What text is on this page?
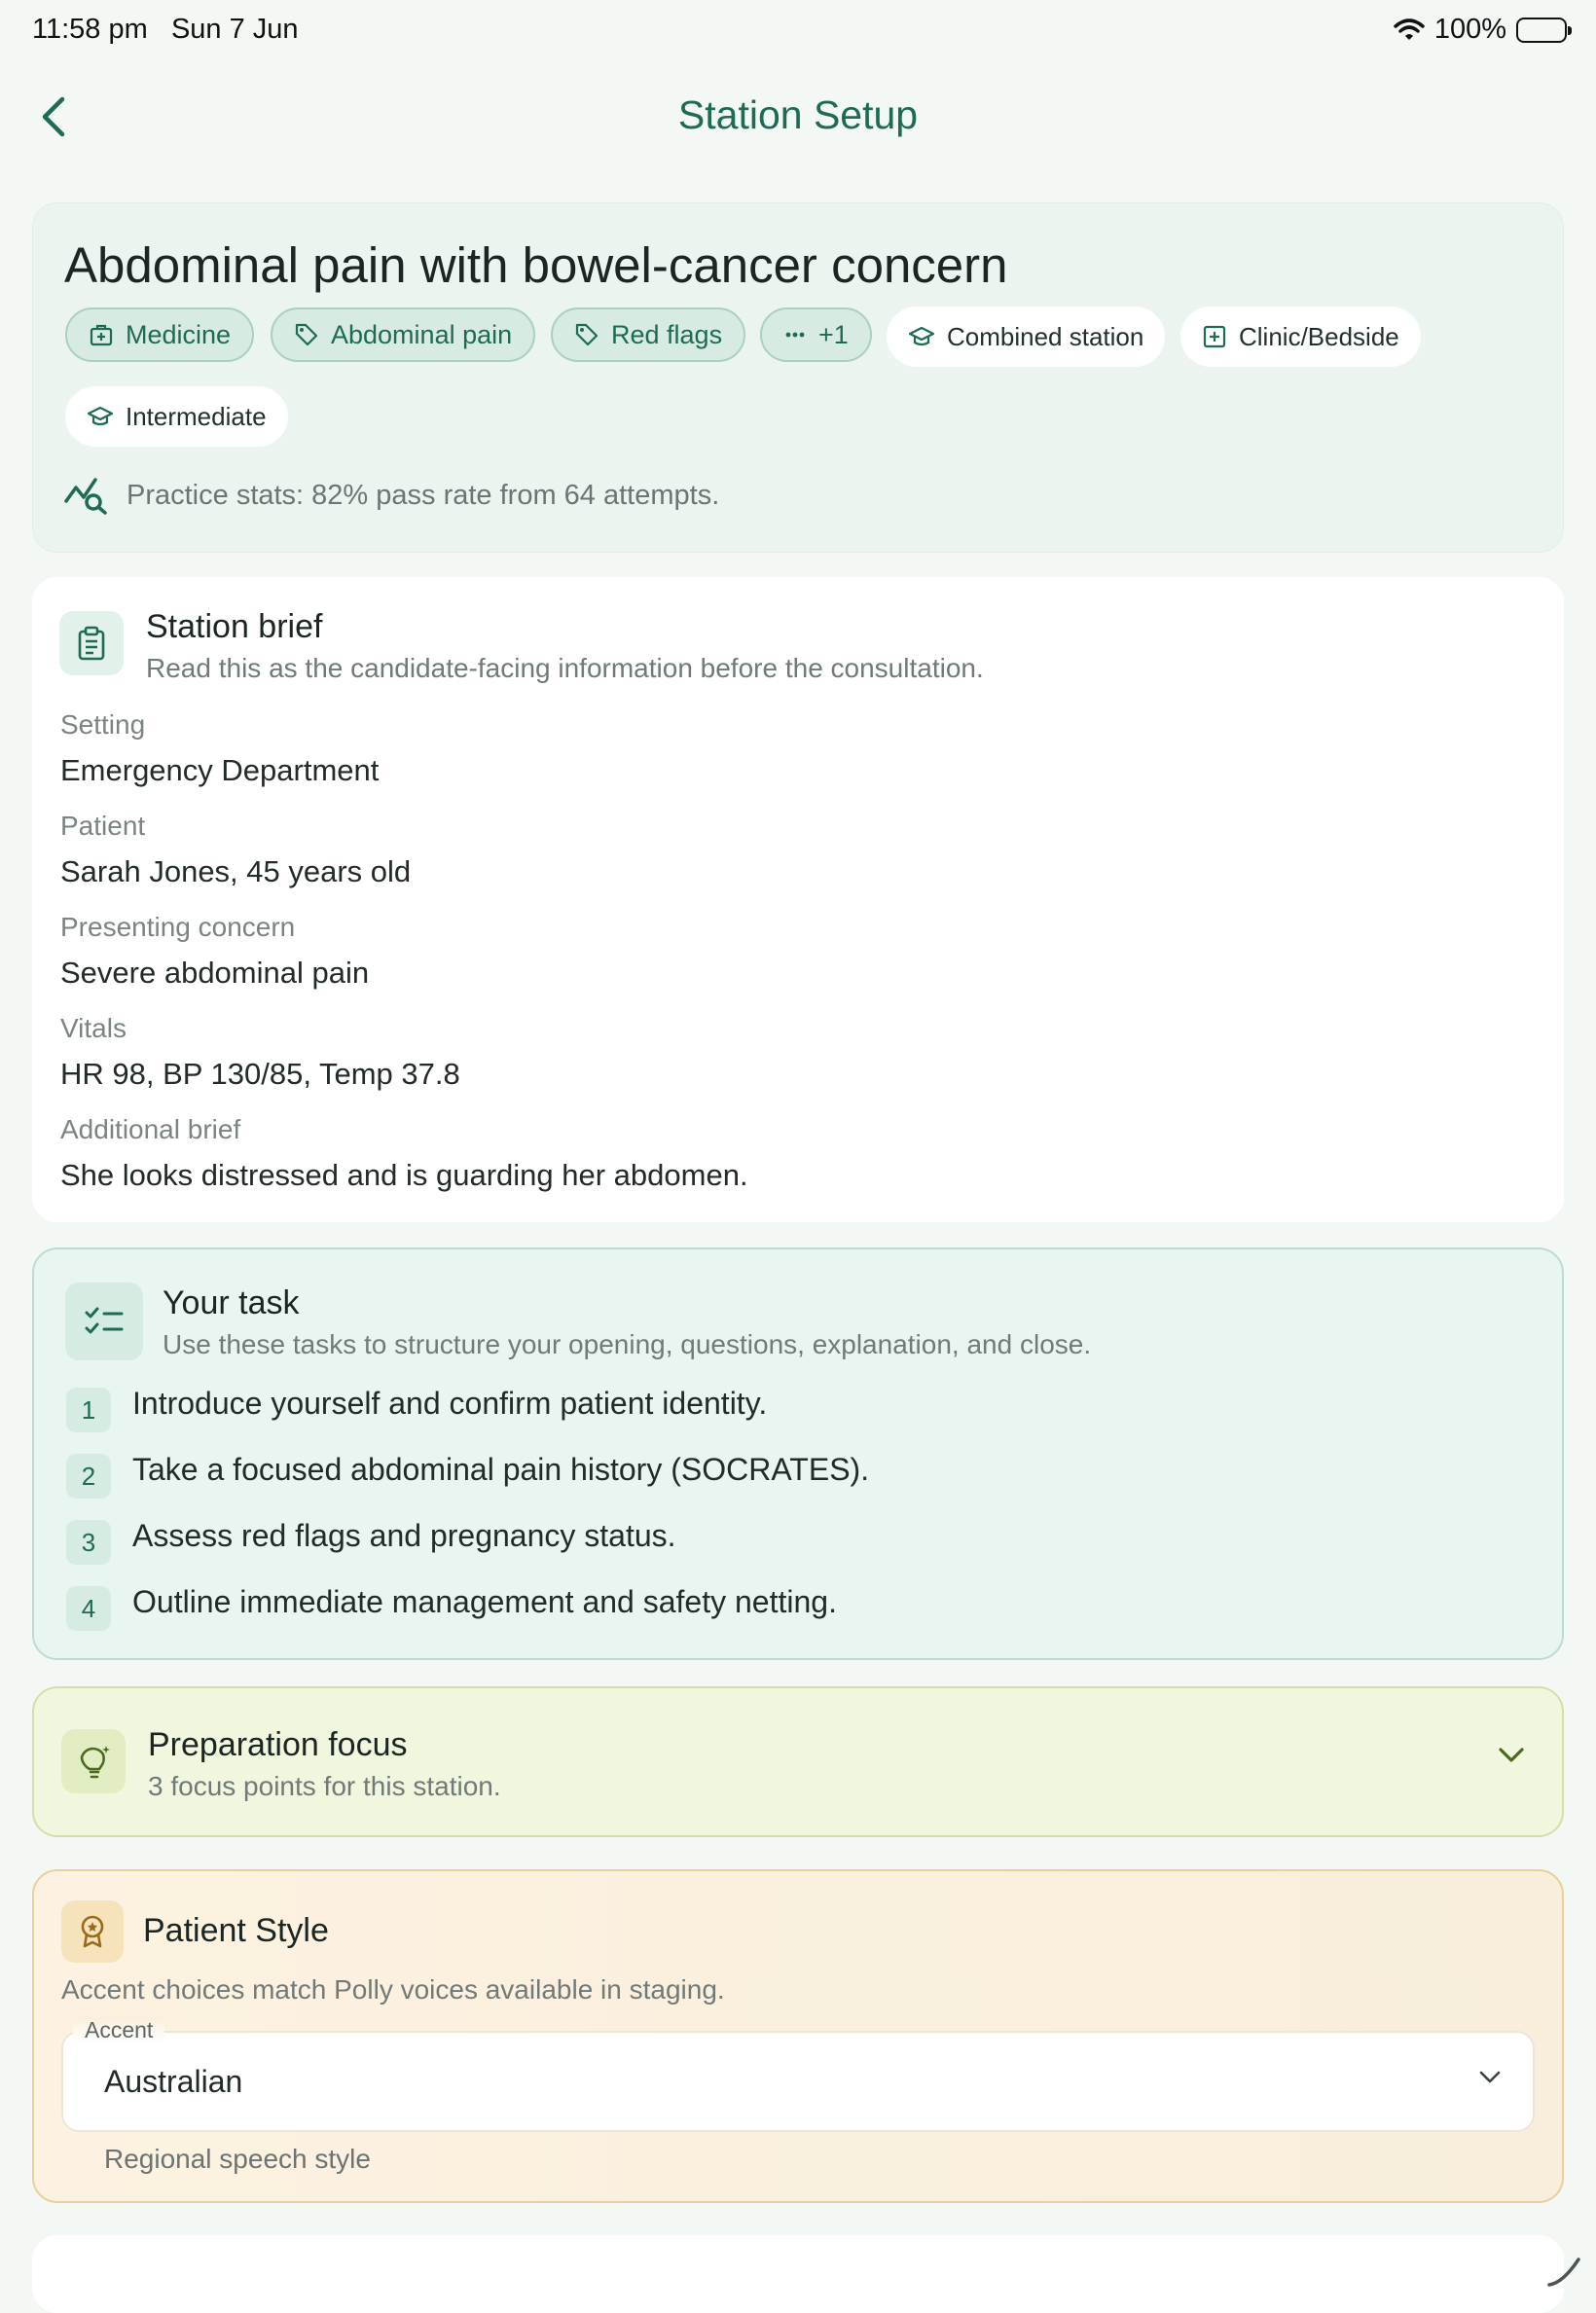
11:58 pm Sun 7 Jun	100%
Station Setup
Abdominal pain with bowel-cancer concern
Medicine	Abdominal pain	Red flags	+1	Combined station	Clinic/Bedside
Intermediate
Practice stats: 82% pass rate from 64 attempts.
Station brief
Read this as the candidate-facing information before the consultation.
Setting
Emergency Department
Patient
Sarah Jones, 45 years old
Presenting concern
Severe abdominal pain
Vitals
HR 98, BP 130/85, Temp 37.8
Additional brief
She looks distressed and is guarding her abdomen.
Your task
Use these tasks to structure your opening, questions, explanation, and close.
1	Introduce yourself and confirm patient identity.
2	Take a focused abdominal pain history (SOCRATES).
3	Assess red flags and pregnancy status.
4	Outline immediate management and safety netting.
Preparation focus
3 focus points for this station.
Patient Style
Accent choices match Polly voices available in staging.
Australian
Accent
Regional speech style
